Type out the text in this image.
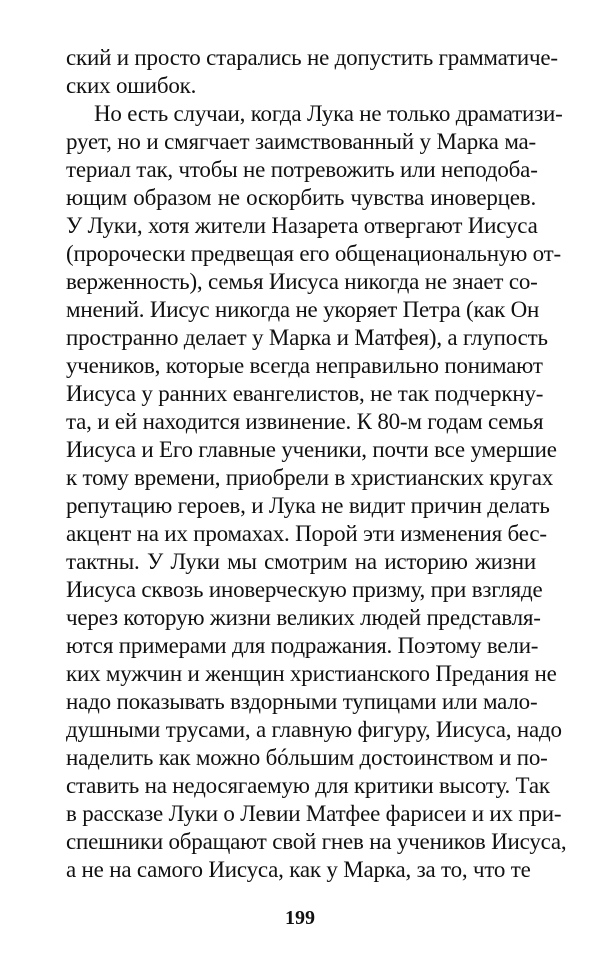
ский и просто старались не допустить грамматиче-
ских ошибок.
Но есть случаи, когда Лука не только драматизи-
рует, но и смягчает заимствованный у Марка ма-
териал так, чтобы не потревожить или неподоба-
ющим образом не оскорбить чувства иноверцев.
У Луки, хотя жители Назарета отвергают Иисуса
(пророчески предвещая его общенациональную от-
верженность), семья Иисуса никогда не знает со-
мнений. Иисус никогда не укоряет Петра (как Он
пространно делает у Марка и Матфея), а глупость
учеников, которые всегда неправильно понимают
Иисуса у ранних евангелистов, не так подчеркну-
та, и ей находится извинение. К 80-м годам семья
Иисуса и Его главные ученики, почти все умершие
к тому времени, приобрели в христианских кругах
репутацию героев, и Лука не видит причин делать
акцент на их промахах. Порой эти изменения бес-
тактны. У Луки мы смотрим на историю жизни
Иисуса сквозь иноверческую призму, при взгляде
через которую жизни великих людей представля-
ются примерами для подражания. Поэтому вели-
ких мужчин и женщин христианского Предания не
надо показывать вздорными тупицами или мало-
душными трусами, а главную фигуру, Иисуса, надо
наделить как можно бóльшим достоинством и по-
ставить на недосягаемую для критики высоту. Так
в рассказе Луки о Левии Матфее фарисеи и их при-
спешники обращают свой гнев на учеников Иисуса,
а не на самого Иисуса, как у Марка, за то, что те
199
